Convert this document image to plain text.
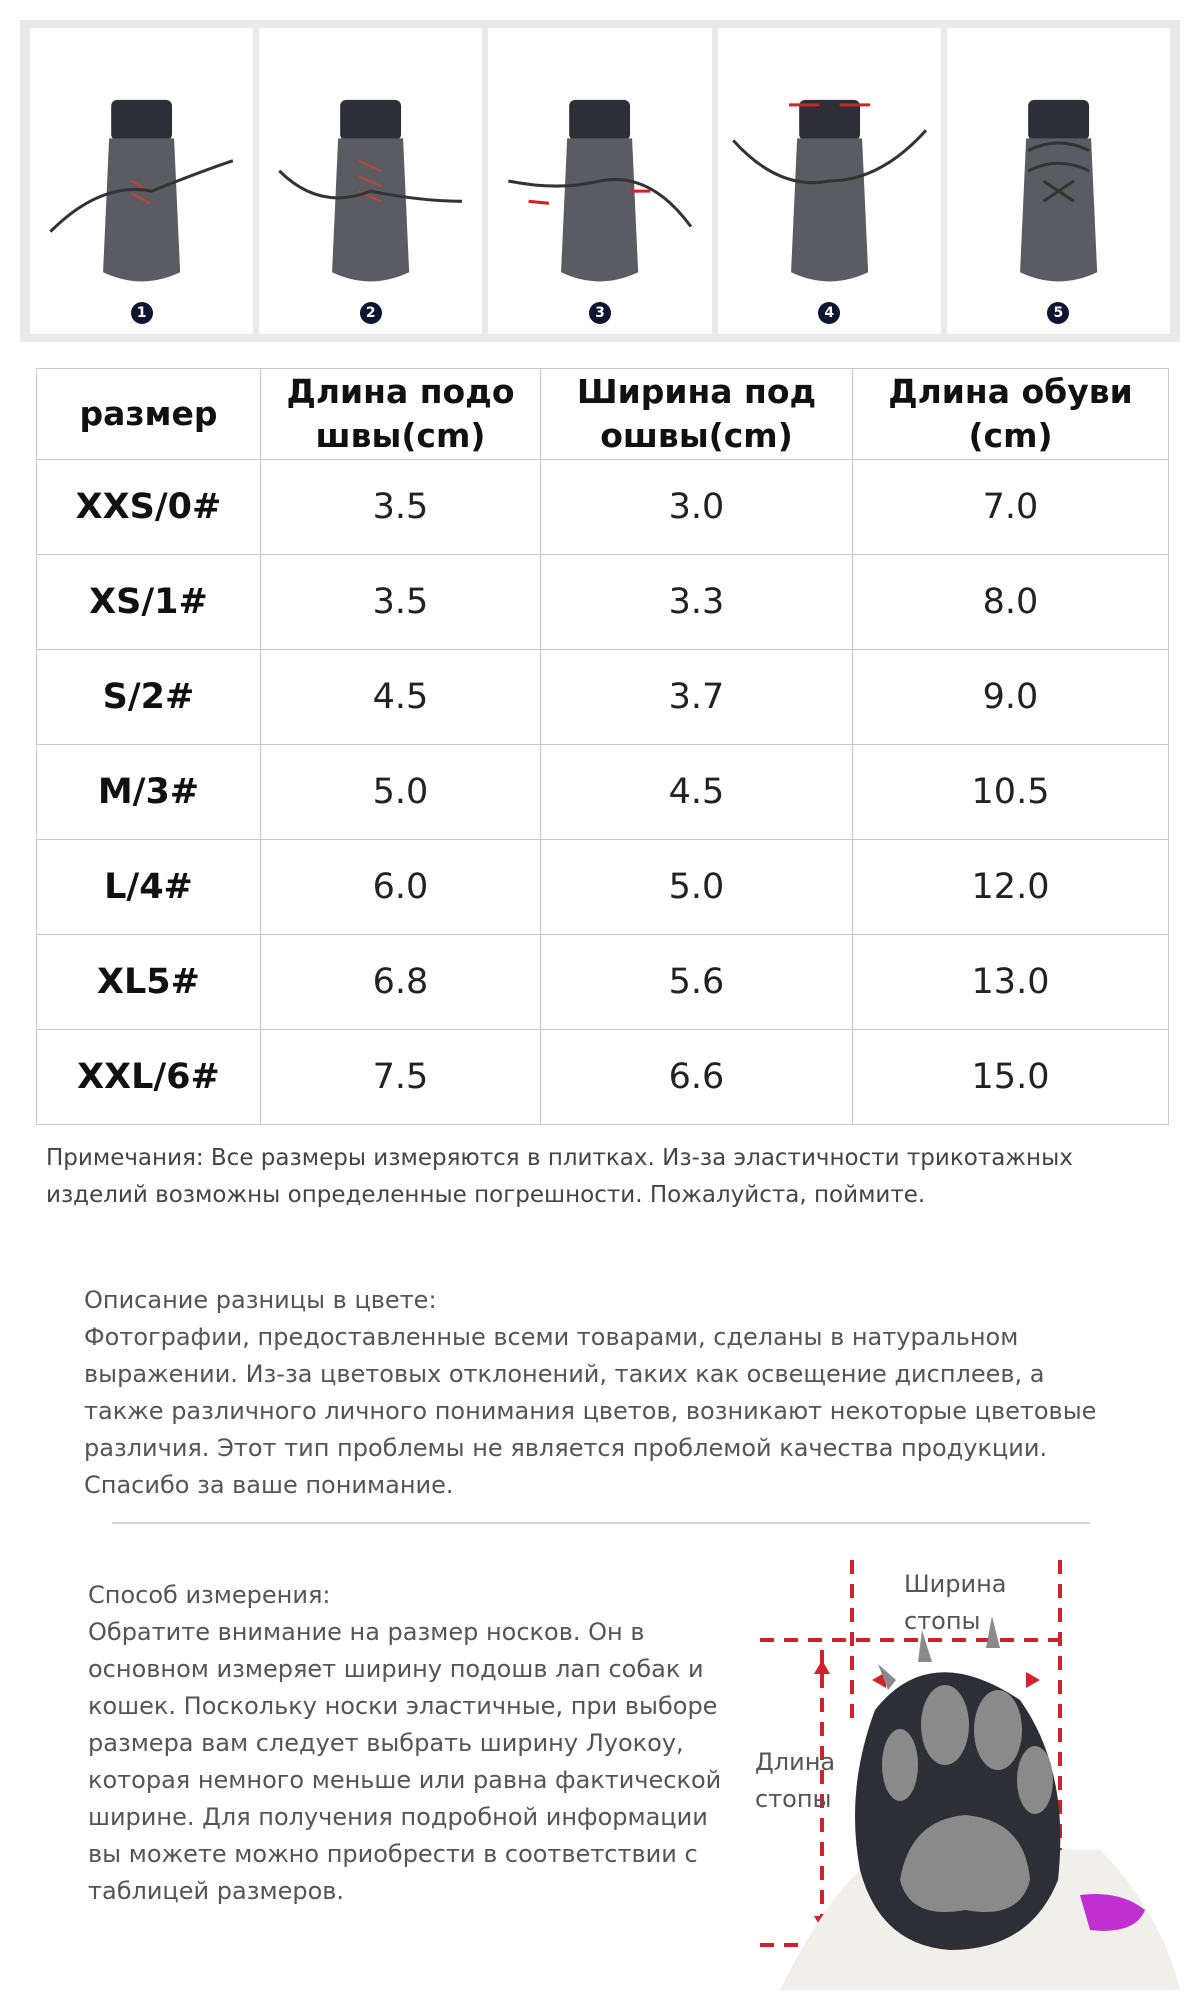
1	2	3	4	5
размер	Длина подо швы(cm)	Ширина под ошвы(cm)	Длина обуви (cm)
XXS/0#	3.5	3.0	7.0
XS/1#	3.5	3.3	8.0
S/2#	4.5	3.7	9.0
M/3#	5.0	4.5	10.5
L/4#	6.0	5.0	12.0
XL5#	6.8	5.6	13.0
XXL/6#	7.5	6.6	15.0
Примечания: Все размеры измеряются в плитках. Из-за эластичности трикотажных изделий возможны определенные погрешности. Пожалуйста, поймите.

Описание разницы в цвете:

Фотографии, предоставленные всеми товарами, сделаны в натуральном выражении. Из-за цветовых отклонений, таких как освещение дисплеев, а также различного личного понимания цветов, возникают некоторые цветовые различия. Этот тип проблемы не является проблемой качества продукции. Спасибо за ваше понимание.

Способ измерения:

Обратите внимание на размер носков. Он в основном измеряет ширину подошв лап собак и кошек. Поскольку носки эластичные, при выборе размера вам следует выбрать ширину Луокоу, которая немного меньше или равна фактической ширине. Для получения подробной информации вы можете можно приобрести в соответствии с таблицей размеров.

Ширина стопы
Длина стопы
